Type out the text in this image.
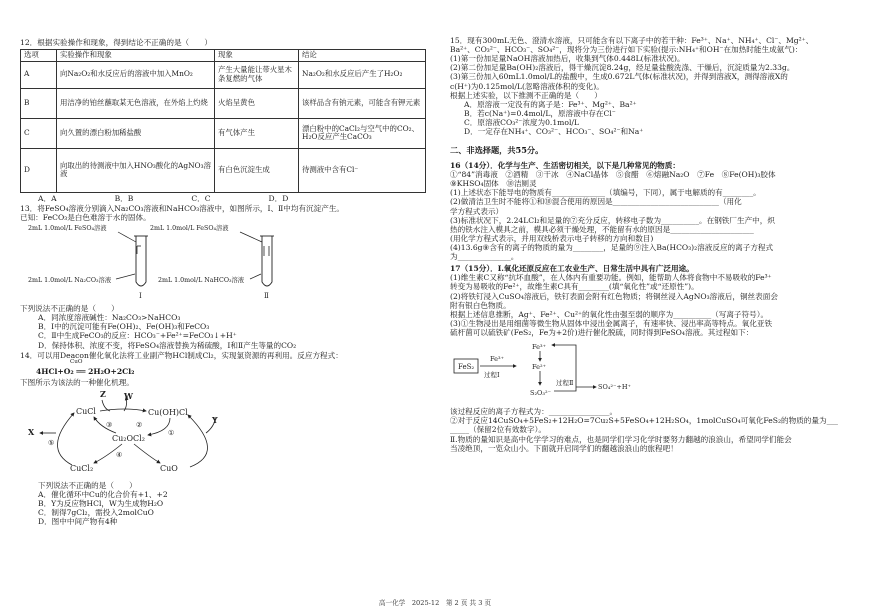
12．根据实验操作和现象，得到结论不正确的是（　　）

选项	实验操作和现象	现象	结论
A	向Na₂O₂和水反应后的溶液中加入MnO₂	产生大量能让带火星木条复燃的气体	Na₂O₂和水反应后产生了H₂O₂
B	用洁净的铂丝蘸取某无色溶液，在外焰上灼烧	火焰呈黄色	该样品含有钠元素，可能含有钾元素
C	向久置的漂白粉加稀盐酸	有气体产生	漂白粉中的CaCl₂与空气中的CO₂、H₂O反应产生CaCO₃
D	向取出的待测液中加入HNO₃酸化的AgNO₃溶液	有白色沉淀生成	待测液中含有Cl⁻
A．A	B．B	C．C	D．D

13．将FeSO₄溶液分别滴入Na₂CO₃溶液和NaHCO₃溶液中，如图所示，Ⅰ、Ⅱ中均有沉淀产生。

已知：FeCO₃是白色难溶于水的固体。

2mL 1.0mol/L FeSO₄溶液
2mL 1.0mol/L Na₂CO₃溶液
Ⅰ
2mL 1.0mol/L FeSO₄溶液
2mL 1.0mol/L NaHCO₃溶液
Ⅱ

下列说法不正确的是（　　）

A．同浓度溶液碱性：Na₂CO₃>NaHCO₃

B．Ⅰ中的沉淀可能有Fe(OH)₂、Fe(OH)₃和FeCO₃

C．Ⅱ中生成FeCO₃的反应：HCO₃⁻+Fe²⁺=FeCO₃↓+H⁺

D．保持体积、浓度不变，将FeSO₄溶液替换为稀硫酸，Ⅰ和Ⅱ产生等量的CO₂

14．可以用Deacon催化氧化法将工业副产物HCl制成Cl₂，实现氯资源的再利用。反应方程式：

CuO
4HCl+O₂ ══ 2H₂O+2Cl₂

下图所示为该法的一种催化机理。

Z W
CuCl	Cu(OH)Cl
Y
X
Cu₂OCl₂
CuCl₂	CuO
①
②
③
④
⑤

下列说法不正确的是（　　）

A．催化循环中Cu的化合价有+1、+2

B．Y为反应物HCl，W为生成物H₂O

C．制得7gCl₂，需投入2molCuO

D．图中中间产物有4种

15．现有300mL无色、澄清水溶液，只可能含有以下离子中的若干种：Fe³⁺、Na⁺、NH₄⁺、Cl⁻、Mg²⁺、

Ba²⁺、CO₃²⁻、HCO₃⁻、SO₄²⁻，现将分为三份进行如下实验(提示:NH₄⁺和OH⁻在加热时能生成氨气)：

(1)第一份加足量NaOH溶液加热后，收集到气体0.448L(标准状况)。

(2)第二份加足量Ba(OH)₂溶液后，得干燥沉淀8.24g，经足量盐酸洗涤、干燥后，沉淀质量为2.33g。

(3)第三份加入60mL1.0mol/L的盐酸中，生成0.672L气体(标准状况)，并得到溶液X，测得溶液X的

c(H⁺)为0.125mol/L(忽略溶液体积的变化)。

根据上述实验，以下推测不正确的是（　　）

A．原溶液一定没有的离子是：Fe³⁺、Mg²⁺、Ba²⁺

B．若c(Na⁺)=0.4mol/L，原溶液中存在Cl⁻

C．原溶液CO₃²⁻浓度为0.1mol/L

D．一定存在NH₄⁺、CO₃²⁻、HCO₃⁻、SO₄²⁻和Na⁺

二、非选择题，共55分。

16（14分）．化学与生产、生活密切相关，以下是几种常见的物质：

①“84”消毒液　②酒精　③干冰　④NaCl晶体　⑤食醋　⑥熔融Na₂O　⑦Fe　⑧Fe(OH)₃胶体

⑨KHSO₄固体　⑩洁厕灵

(1)上述状态下能导电的物质有______________（填编号，下同），属于电解质的有________。

(2)做清洁卫生时不能将①和⑩混合使用的原因是____________________________（用化

学方程式表示）

(3)标准状况下，2.24LCl₂和足量的⑦充分反应，转移电子数为__________。在钢铁厂生产中，炽

热的铁水注入模具之前，模具必须干燥处理，不能留有水的原因是______________________

(用化学方程式表示，并用双线桥表示电子转移的方向和数目)

(4)13.6g⑨含有的离子的物质的量为________，足量的⑨注入Ba(HCO₃)₂溶液反应的离子方程式

为______________。

17（15分）．Ⅰ.氧化还原反应在工农业生产、日常生活中具有广泛用途。

(1)维生素C又称“抗坏血酸”，在人体内有重要功能。例如，能帮助人体将食物中不易吸收的Fe³⁺

转变为易吸收的Fe²⁺，故维生素C具有________(填“氧化性”或“还原性”)。

(2)将铁钉浸入CuSO₄溶液后，铁钉表面会附有红色物质；将铜丝浸入AgNO₃溶液后，铜丝表面会

附有银白色物质。

根据上述信息推断，Ag⁺、Fe²⁺、Cu²⁺的氧化性由强至弱的顺序为__________（写离子符号）。

(3)①生物浸出是用细菌等微生物从固体中浸出金属离子，有速率快、浸出率高等特点。氧化亚铁

硫杆菌可以硫铁矿(FeS₂，Fe为+2价)进行催化脱硫，同时得到FeSO₄溶液。其过程如下：

FeS₂
Fe³⁺
过程Ⅰ
Fe³⁺
Fe²⁺
S₂O₃²⁻
过程Ⅱ	SO₄²⁻+H⁺

该过程反应的离子方程式为：________________。

②对于反应14CuSO₄+5FeS₂+12H₂O=7Cu₂S+5FeSO₄+12H₂SO₄，1molCuSO₄可氧化FeS₂的物质的量为___

_____（保留2位有效数字）。

Ⅱ.物质的量知识是高中化学学习的难点，也是同学们学习化学时要努力翻越的浪浪山，希望同学们能会

当凌绝顶，一览众山小。下面就开启同学们的翻越浪浪山的旅程吧！

高一化学　2025-12　第 2 页 共 3 页
